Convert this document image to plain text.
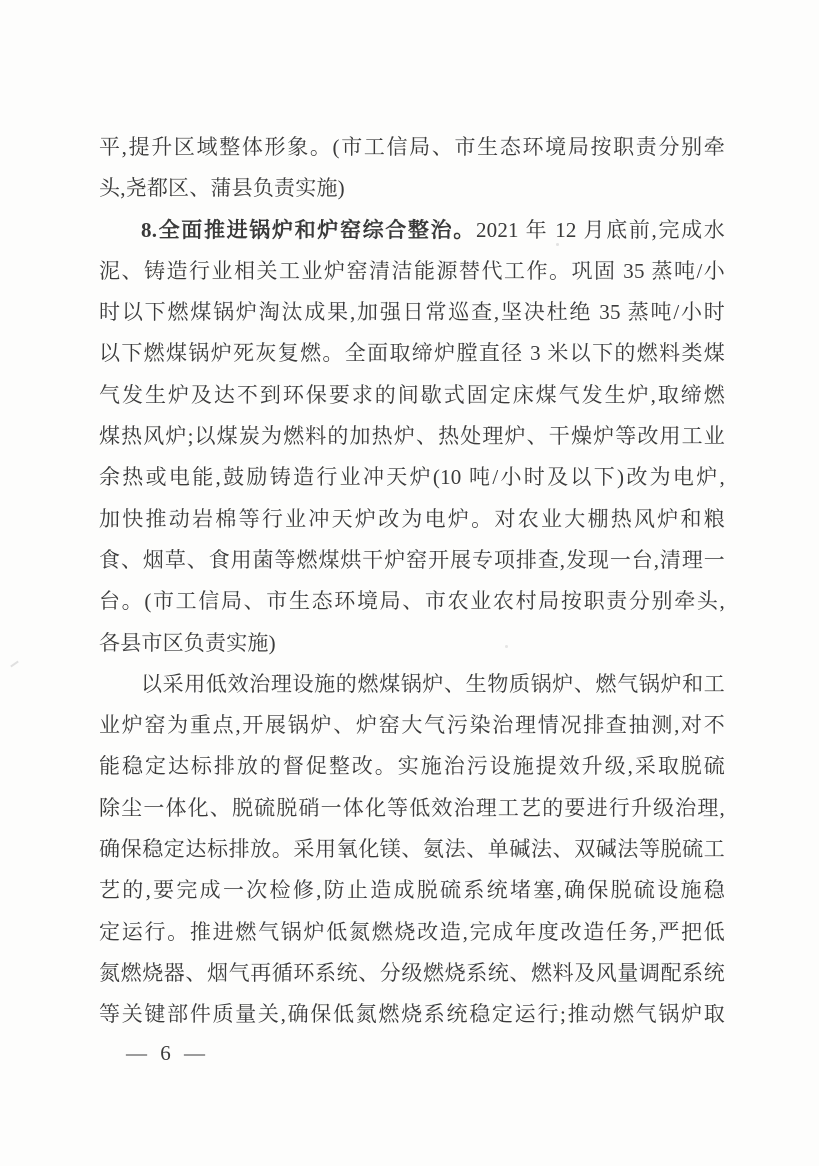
平,提升区域整体形象。(市工信局、市生态环境局按职责分别牵
头,尧都区、蒲县负责实施)
8.全面推进锅炉和炉窑综合整治。2021 年 12 月底前,完成水
泥、铸造行业相关工业炉窑清洁能源替代工作。巩固 35 蒸吨/小
时以下燃煤锅炉淘汰成果,加强日常巡查,坚决杜绝 35 蒸吨/小时
以下燃煤锅炉死灰复燃。全面取缔炉膛直径 3 米以下的燃料类煤
气发生炉及达不到环保要求的间歇式固定床煤气发生炉,取缔燃
煤热风炉;以煤炭为燃料的加热炉、热处理炉、干燥炉等改用工业
余热或电能,鼓励铸造行业冲天炉(10 吨/小时及以下)改为电炉,
加快推动岩棉等行业冲天炉改为电炉。对农业大棚热风炉和粮
食、烟草、食用菌等燃煤烘干炉窑开展专项排查,发现一台,清理一
台。(市工信局、市生态环境局、市农业农村局按职责分别牵头,
各县市区负责实施)
以采用低效治理设施的燃煤锅炉、生物质锅炉、燃气锅炉和工
业炉窑为重点,开展锅炉、炉窑大气污染治理情况排查抽测,对不
能稳定达标排放的督促整改。实施治污设施提效升级,采取脱硫
除尘一体化、脱硫脱硝一体化等低效治理工艺的要进行升级治理,
确保稳定达标排放。采用氧化镁、氨法、单碱法、双碱法等脱硫工
艺的,要完成一次检修,防止造成脱硫系统堵塞,确保脱硫设施稳
定运行。推进燃气锅炉低氮燃烧改造,完成年度改造任务,严把低
氮燃烧器、烟气再循环系统、分级燃烧系统、燃料及风量调配系统
等关键部件质量关,确保低氮燃烧系统稳定运行;推动燃气锅炉取
— 6 —
